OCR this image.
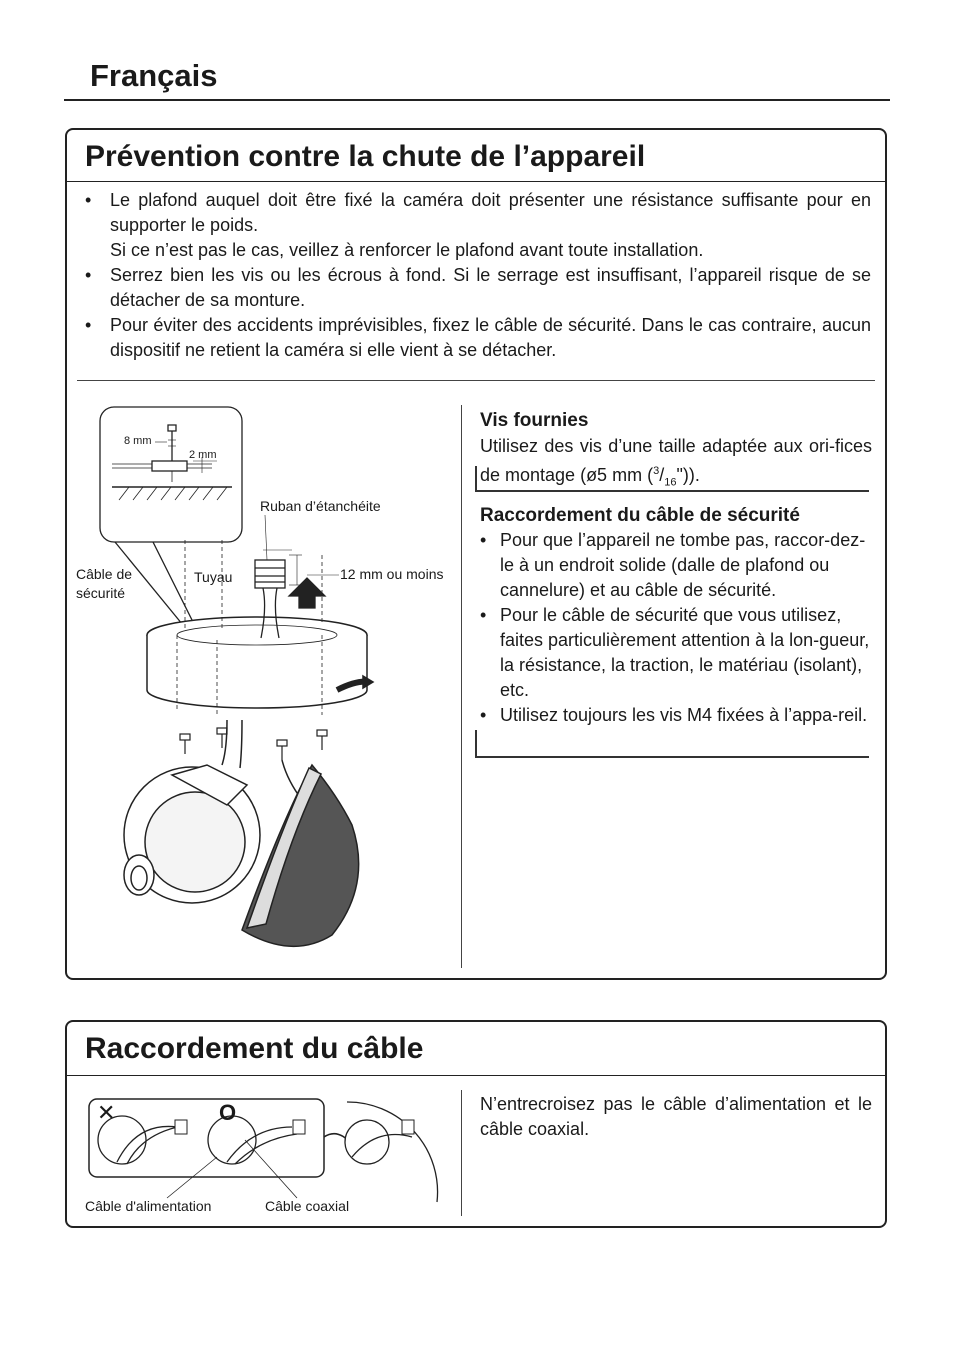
Français
Prévention contre la chute de l’appareil
• Le plafond auquel doit être fixé la caméra doit présenter une résistance suffisante pour en supporter le poids.
Si ce n’est pas le cas, veillez à renforcer le plafond avant toute installation.
• Serrez bien les vis ou les écrous à fond. Si le serrage est insuffisant, l’appareil risque de se détacher de sa monture.
• Pour éviter des accidents imprévisibles, fixez le câble de sécurité. Dans le cas contraire, aucun dispositif ne retient la caméra si elle vient à se détacher.
Vis fournies
Utilisez des vis d’une taille adaptée aux ori-fices de montage (ø5 mm $(^3/_{16}")$).
Raccordement du câble de sécurité
• Pour que l’appareil ne tombe pas, raccor-dez-le à un endroit solide (dalle de plafond ou cannelure) et au câble de sécurité.
• Pour le câble de sécurité que vous utilisez, faites particulièrement attention à la lon-gueur, la résistance, la traction, le matériau (isolant), etc.
• Utilisez toujours les vis M4 fixées à l’appa-reil.
8 mm
2 mm
Ruban d’étanchéite
Câble de
sécurité
Tuyau	12 mm ou moins
Raccordement du câble
N’entrecroisez pas le câble d’alimentation et le câble coaxial.
✕	O
Câble d'alimentation	Câble coaxial
